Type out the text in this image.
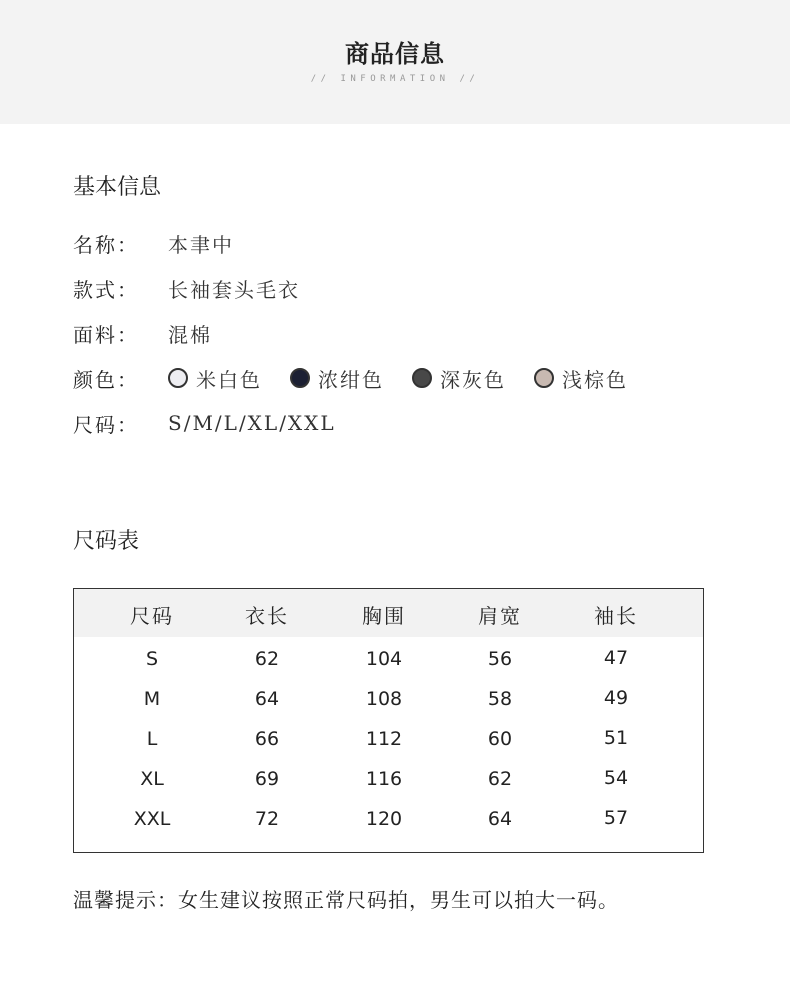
商品信息
// INFORMATION //
基本信息
名称：	本聿中
款式：	长袖套头毛衣
面料：	混棉
颜色：	米白色	浓绀色	深灰色	浅棕色
尺码：	S/M/L/XL/XXL
尺码表
尺码	衣长	胸围	肩宽	袖长
S	62	104	56	47
M	64	108	58	49
L	66	112	60	51
XL	69	116	62	54
XXL	72	120	64	57
温馨提示：女生建议按照正常尺码拍，男生可以拍大一码。
